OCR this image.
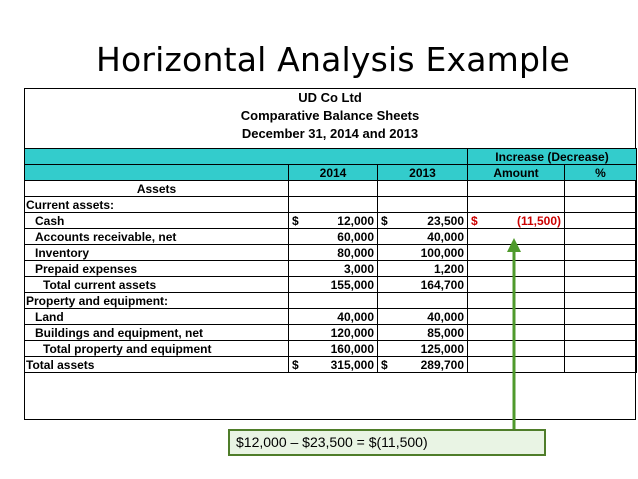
Horizontal Analysis Example
UD Co Ltd
Comparative Balance Sheets
December 31, 2014 and 2013
			Increase (Decrease)	
	2014	2013	Amount	%
Assets				
Current assets:				
Cash	$ 12,000	$ 23,500	$ (11,500)	
Accounts receivable, net	60,000	40,000		
Inventory	80,000	100,000		
Prepaid expenses	3,000	1,200		
Total current assets	155,000	164,700		
Property and equipment:				
Land	40,000	40,000		
Buildings and equipment, net	120,000	85,000		
Total property and equipment	160,000	125,000		
Total assets	$ 315,000	$ 289,700		
$12,000 – $23,500 = $(11,500)
